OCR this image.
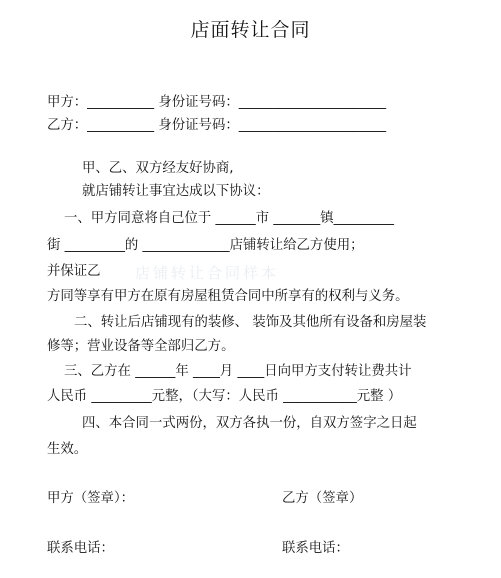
店面转让合同
甲方：__________ 身份证号码：______________________
乙方：__________ 身份证号码：______________________
甲、乙、双方经友好协商,
就店铺转让事宜达成以下协议：
一、甲方同意将自己位于 ______市 _______镇_________
街 _________的 _____________店铺转让给乙方使用；
并保证乙 店铺转让合同样本
方同等享有甲方在原有房屋租赁合同中所享有的权利与义务。
二、转让后店铺现有的装修、 装饰及其他所有设备和房屋装
修等；营业设备等全部归乙方。
三、乙方在 ______年 ____月 ____日向甲方支付转让费共计
人民币 _________元整，（大写：人民币 ___________元整 ）
四、本合同一式两份，双方各执一份，自双方签字之日起
生效。
甲方（签章）：	乙方（签章）
联系电话：	联系电话：
